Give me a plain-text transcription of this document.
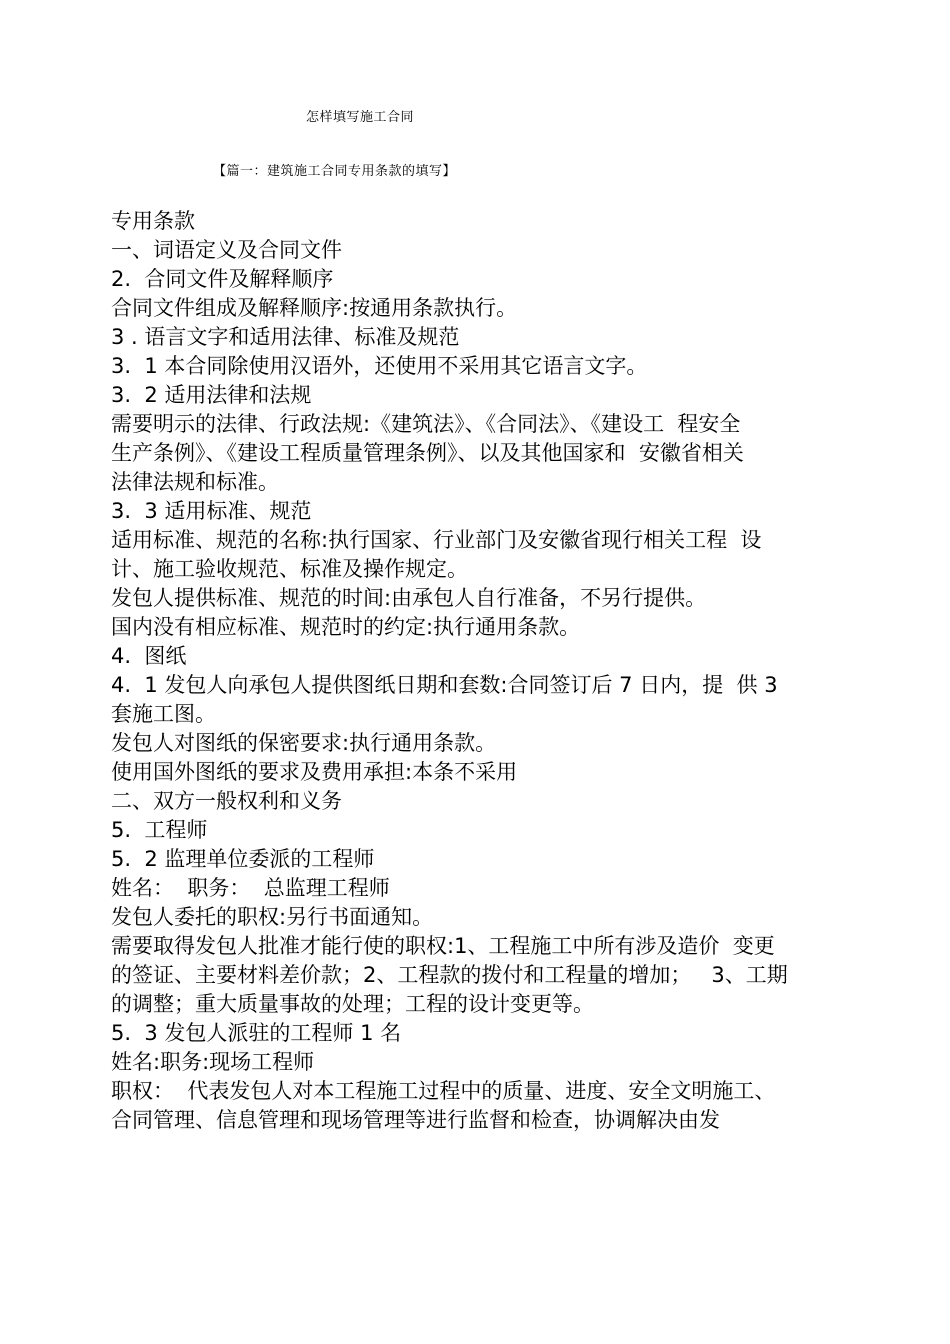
怎样填写施工合同
【篇一：建筑施工合同专用条款的填写】

专用条款

一、词语定义及合同文件

2.  合同文件及解释顺序

合同文件组成及解释顺序:按通用条款执行。

3 . 语言文字和适用法律、标准及规范

3.  1 本合同除使用汉语外，还使用不采用其它语言文字。

3.  2 适用法律和法规

需要明示的法律、行政法规:《建筑法》、《合同法》、《建设工  程安全

生产条例》、《建设工程质量管理条例》、以及其他国家和  安徽省相关

法律法规和标准。

3.  3 适用标准、规范

适用标准、规范的名称:执行国家、行业部门及安徽省现行相关工程  设

计、施工验收规范、标准及操作规定。

发包人提供标准、规范的时间:由承包人自行准备，不另行提供。

国内没有相应标准、规范时的约定:执行通用条款。

4.  图纸

4.  1 发包人向承包人提供图纸日期和套数:合同签订后 7 日内，提  供 3

套施工图。

发包人对图纸的保密要求:执行通用条款。

使用国外图纸的要求及费用承担:本条不采用

二、双方一般权利和义务

5.  工程师

5.  2 监理单位委派的工程师

姓名：  职务：  总监理工程师

发包人委托的职权:另行书面通知。

需要取得发包人批准才能行使的职权:1、工程施工中所有涉及造价  变更

的签证、主要材料差价款；2、工程款的拨付和工程量的增加；   3、工期

的调整；重大质量事故的处理；工程的设计变更等。

5.  3 发包人派驻的工程师 1 名

姓名:职务:现场工程师

职权：  代表发包人对本工程施工过程中的质量、进度、安全文明施工、

合同管理、信息管理和现场管理等进行监督和检查，协调解决由发
